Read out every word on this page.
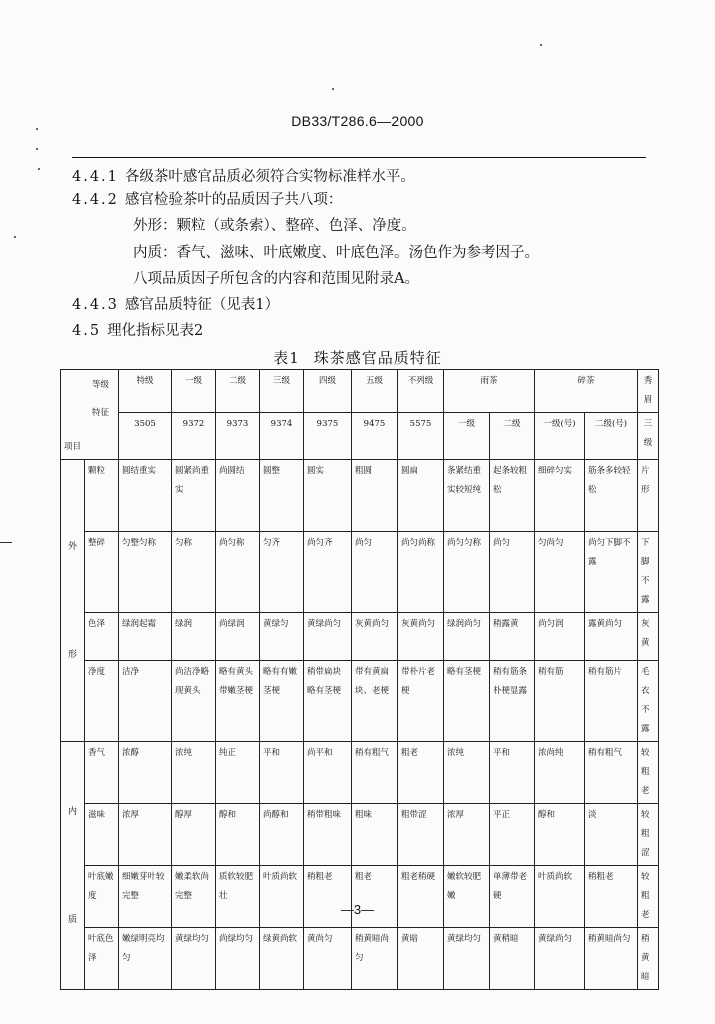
DB33/T286.6—2000
4.4.1 各级茶叶感官品质必须符合实物标准样水平。
4.4.2 感官检验茶叶的品质因子共八项：
外形：颗粒（或条索）、整碎、色泽、净度。
内质：香气、滋味、叶底嫩度、叶底色泽。汤色作为参考因子。
八项品质因子所包含的内容和范围见附录A。
4.4.3 感官品质特征（见表1）
4.5 理化指标见表2
表1 珠茶感官品质特征
等级
特征
项目		特级	一级	二级	三级	四级	五级	不列级	雨茶		碎茶		秀眉
		3505	9372	9373	9374	9375	9475	5575	一级	二级	一级(号)	二级(号)	三级

外形	颗粒	圆结重实	圆紧尚重实	尚圆结	圆整	圆实	粗圆	圆扁	条紧结重实较短纯	起条较粗松	细碎匀实	筋条多较轻松	片形
	整碎	匀整匀称	匀称	尚匀称	匀齐	尚匀齐	尚匀	尚匀尚称	尚匀匀称	尚匀	匀尚匀	尚匀下脚不露	下脚不露
	色泽	绿润起霜	绿润	尚绿润	黄绿匀	黄绿尚匀	灰黄尚匀	灰黄尚匀	绿润尚匀	稍露黄	尚匀润	露黄尚匀	灰黄
	净度	洁净	尚洁净略现黄头	略有黄头带嫩茎梗	略有有嫩茎梗	稍带扁块略有茎梗	带有黄扁块、老梗	带朴片老梗	略有茎梗	稍有筋条朴梗显露	稍有筋	稍有筋片	毛衣不露

内质	香气	浓醇	浓纯	纯正	平和	尚平和	稍有粗气	粗老	浓纯	平和	浓尚纯	稍有粗气	较粗老
	滋味	浓厚	醇厚	醇和	尚醇和	稍带粗味	粗味	粗带涩	浓厚	平正	醇和	淡	较粗涩
	叶底嫩度	细嫩芽叶较完整	嫩柔软尚完整	质软较肥壮	叶质尚软	稍粗老	粗老	粗老稍硬	嫩软较肥嫩	单薄带老硬	叶质尚软	稍粗老	较粗老
	叶底色泽	嫩绿明亮均匀	黄绿均匀	尚绿均匀	绿黄尚软	黄尚匀	稍黄暗尚匀	黄暗	黄绿均匀	黄稍暗	黄绿尚匀	稍黄暗尚匀	稍黄暗
—3—
